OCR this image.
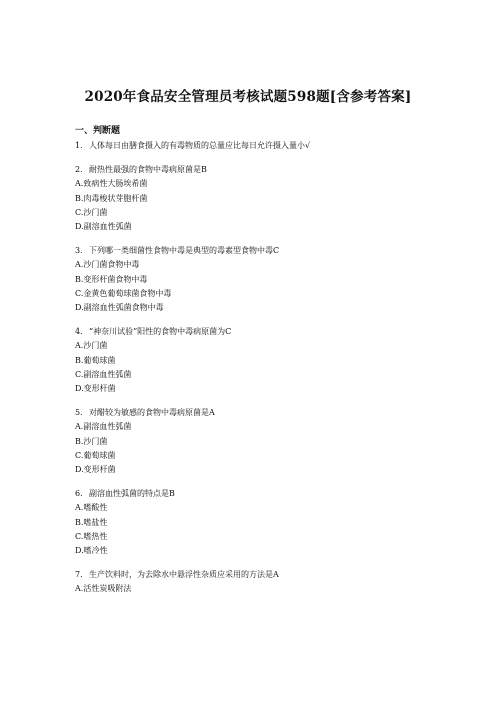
2020年食品安全管理员考核试题598题[含参考答案]
一、判断题
1. 人体每日由膳食摄入的有毒物质的总量应比每日允许摄入量小√
2. 耐热性最强的食物中毒病原菌是B
A.致病性大肠埃希菌
B.肉毒梭状芽胞杆菌
C.沙门菌
D.副溶血性弧菌
3. 下列哪一类细菌性食物中毒是典型的毒素型食物中毒C
A.沙门菌食物中毒
B.变形杆菌食物中毒
C.金黄色葡萄球菌食物中毒
D.副溶血性弧菌食物中毒
4. “神奈川试验”阳性的食物中毒病原菌为C
A.沙门菌
B.葡萄球菌
C.副溶血性弧菌
D.变形杆菌
5. 对醋较为敏感的食物中毒病原菌是A
A.副溶血性弧菌
B.沙门菌
C.葡萄球菌
D.变形杆菌
6. 副溶血性弧菌的特点是B
A.嗜酸性
B.嗜盐性
C.嗜热性
D.嗜冷性
7. 生产饮料时，为去除水中悬浮性杂质应采用的方法是A
A.活性炭吸附法
